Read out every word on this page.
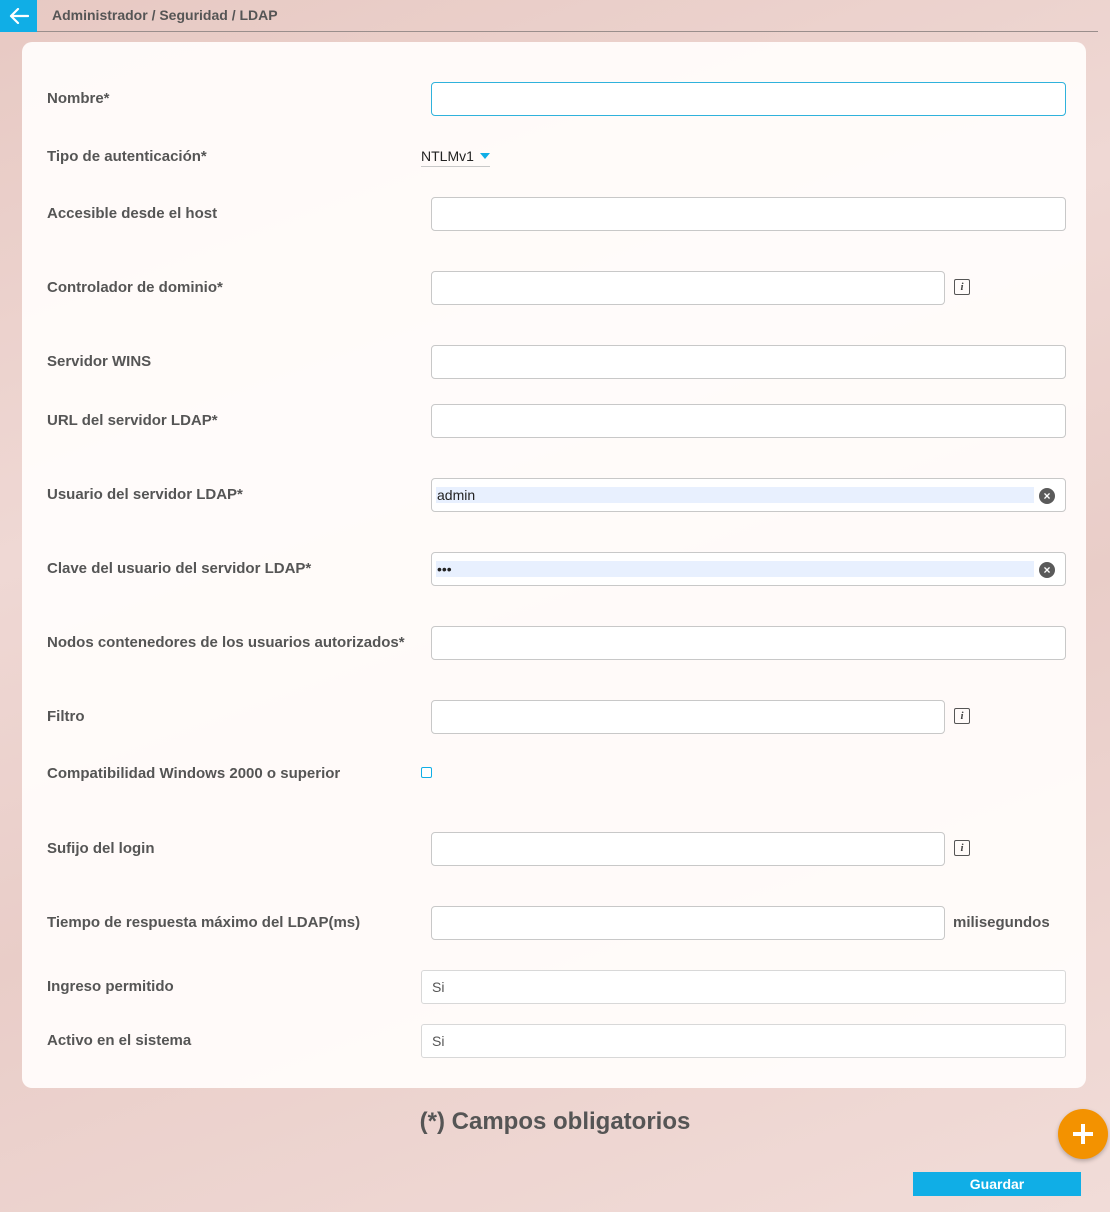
Administrador / Seguridad / LDAP
Nombre*
Tipo de autenticación*	NTLMv1
Accesible desde el host
Controlador de dominio*	i
Servidor WINS
URL del servidor LDAP*
Usuario del servidor LDAP*	admin	×
Clave del usuario del servidor LDAP*	•••	×
Nodos contenedores de los usuarios autorizados*
Filtro	i
Compatibilidad Windows 2000 o superior
Sufijo del login	i
Tiempo de respuesta máximo del LDAP(ms)	milisegundos
Ingreso permitido	Si
Activo en el sistema	Si
(*) Campos obligatorios
Guardar
